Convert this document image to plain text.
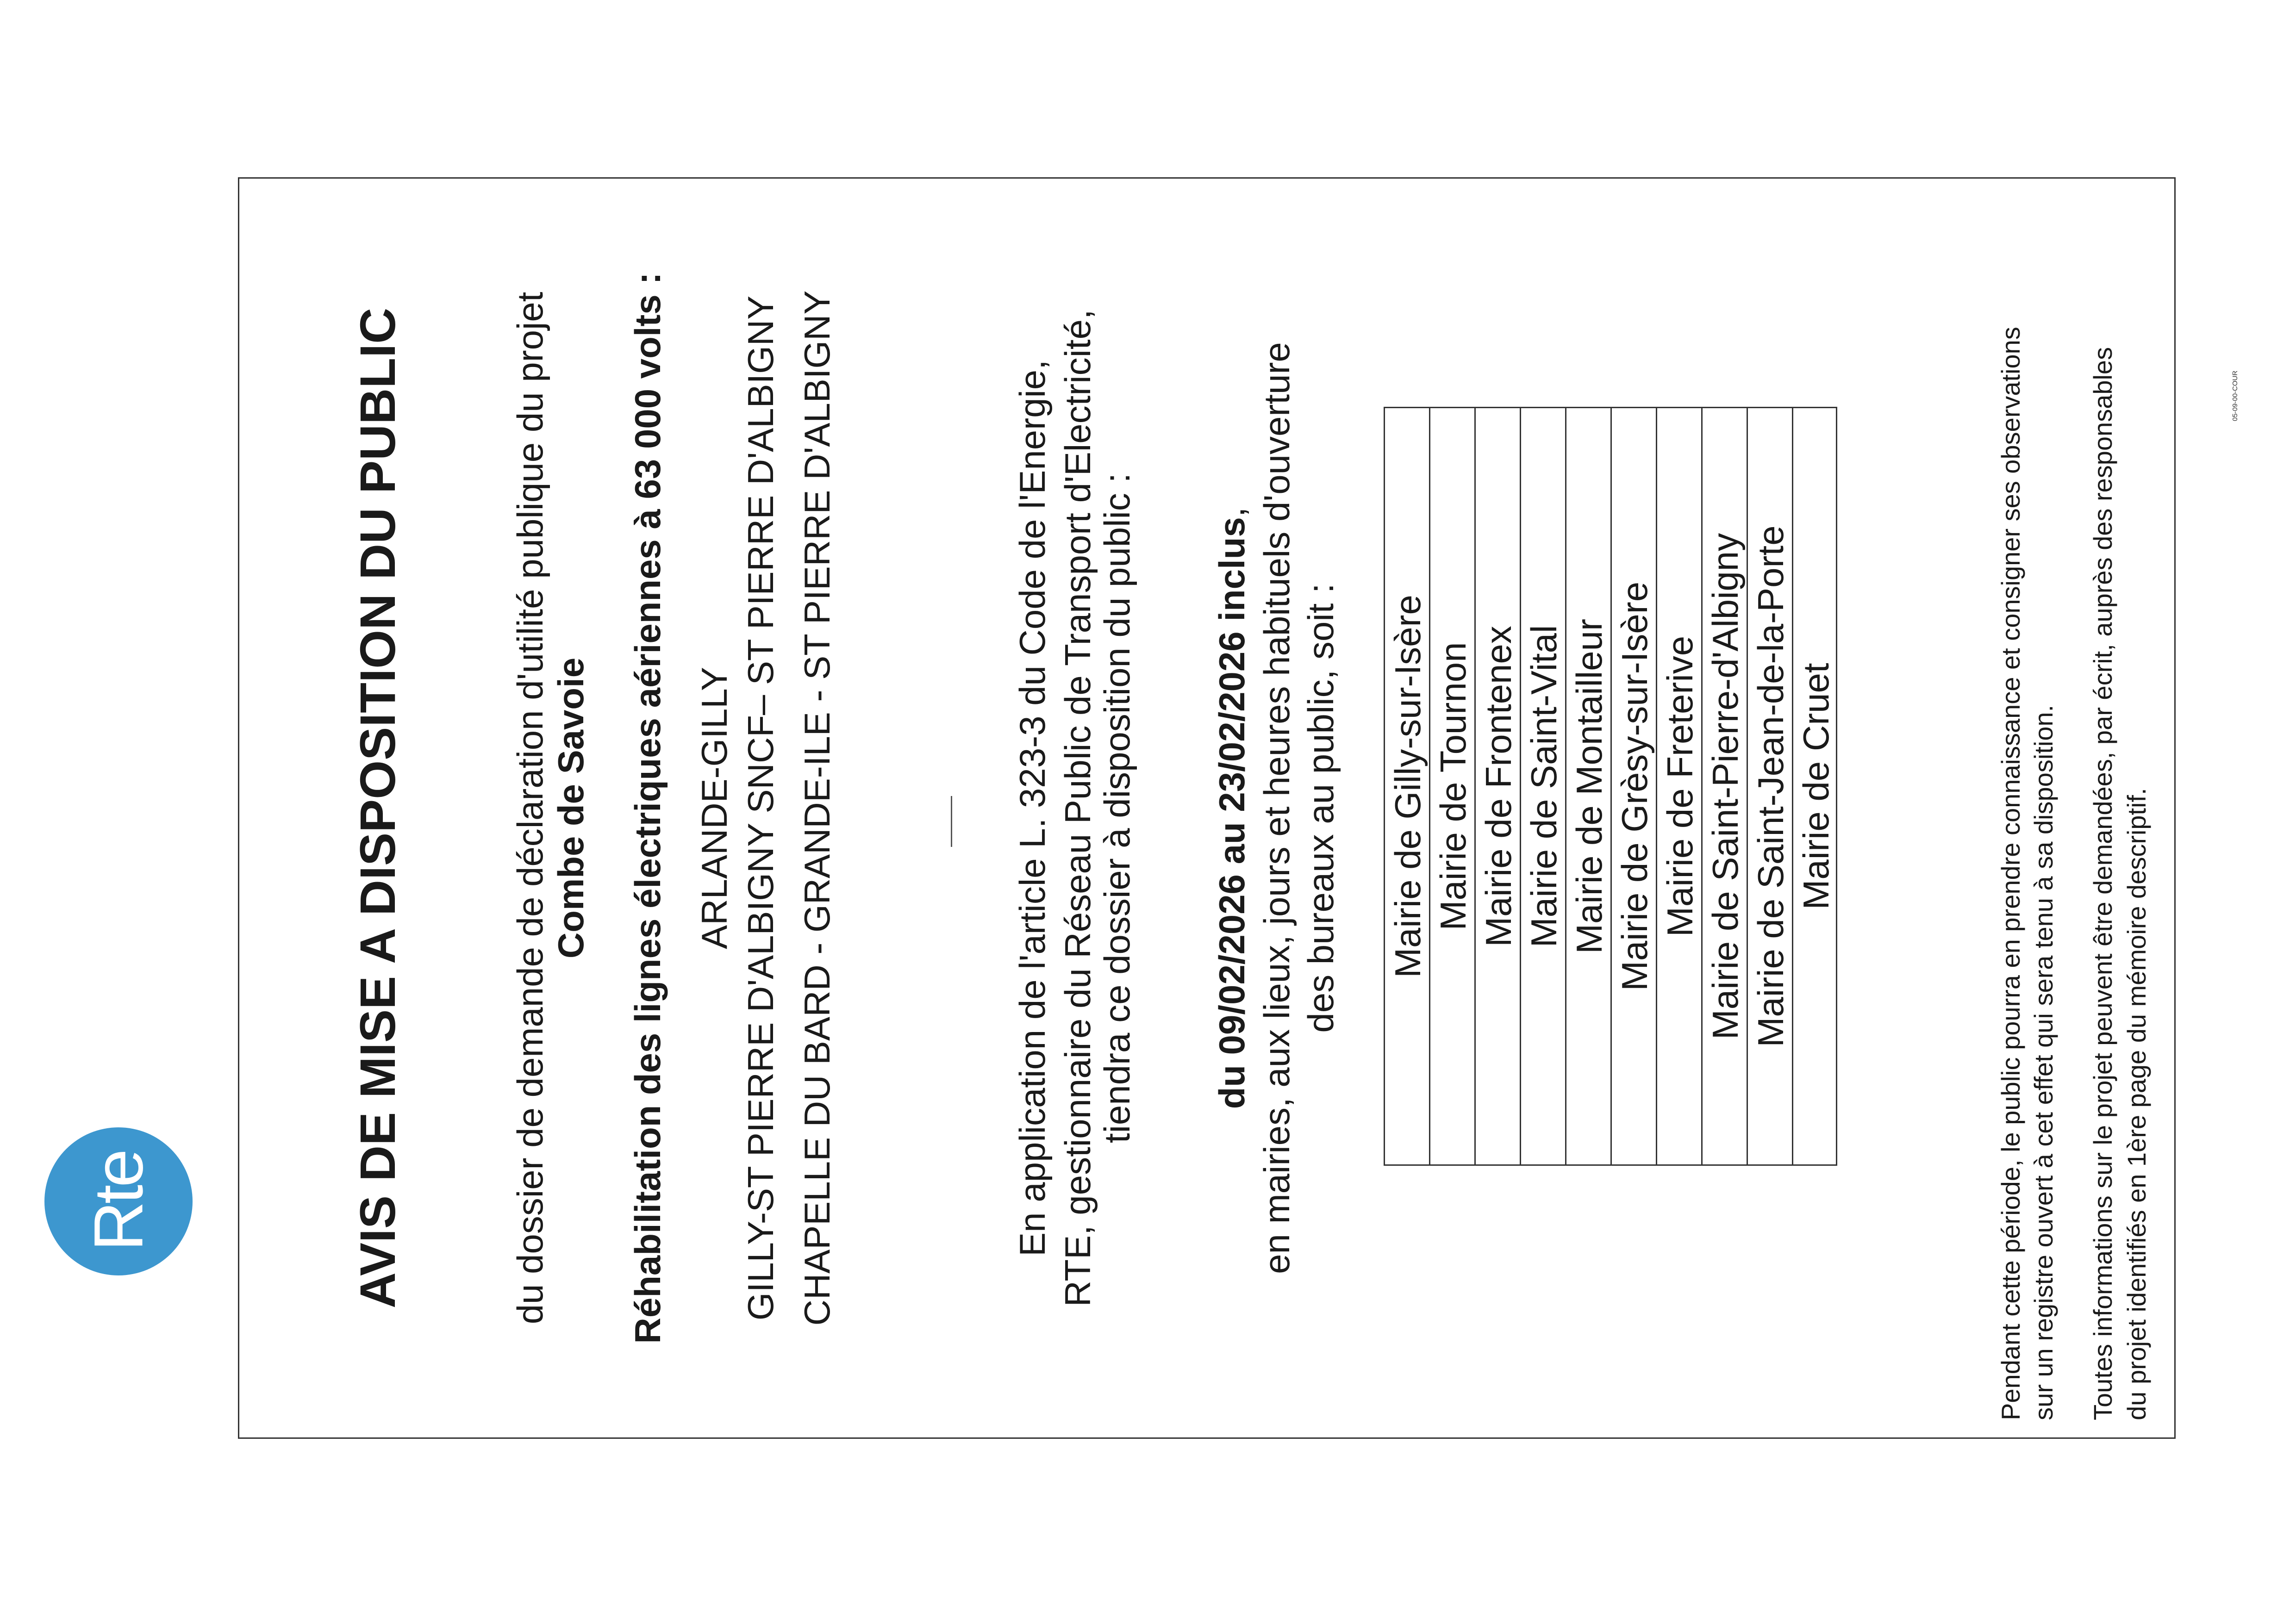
Rte	AVIS DE MISE A DISPOSITION DU PUBLIC	du dossier de demande de déclaration d'utilité publique du projet Combe de Savoie Réhabilitation des lignes électriques aériennes à 63 000 volts : ARLANDE-GILLY GILLY-ST PIERRE D'ALBIGNY SNCF– ST PIERRE D'ALBIGNY CHAPELLE DU BARD - GRANDE-ILE - ST PIERRE D'ALBIGNY	En application de l'article L. 323-3 du Code de l'Energie, RTE, gestionnaire du Réseau Public de Transport d'Electricité,
tiendra ce dossier à disposition du public : du 09/02/2026 au 23/02/2026 inclus, en mairies, aux lieux, jours et heures habituels d'ouverture des bureaux au public, soit : Mairie de Gilly-sur-Isère Mairie de Tournon Mairie de Frontenex Mairie de Saint-Vital Mairie de Montailleur Mairie de Grèsy-sur-Isère Mairie de Freterive Mairie de Saint-Pierre-d'Albigny Mairie de Saint-Jean-de-la-Porte Mairie de Cruet	Pendant cette période, le public pourra en prendre connaissance et consigner ses observations sur un registre ouvert à cet effet qui sera tenu à sa disposition. Toutes informations sur le projet peuvent être demandées, par écrit, auprès des responsables du projet identifiés en 1ère page du mémoire descriptif.
05-09-00-COUR
